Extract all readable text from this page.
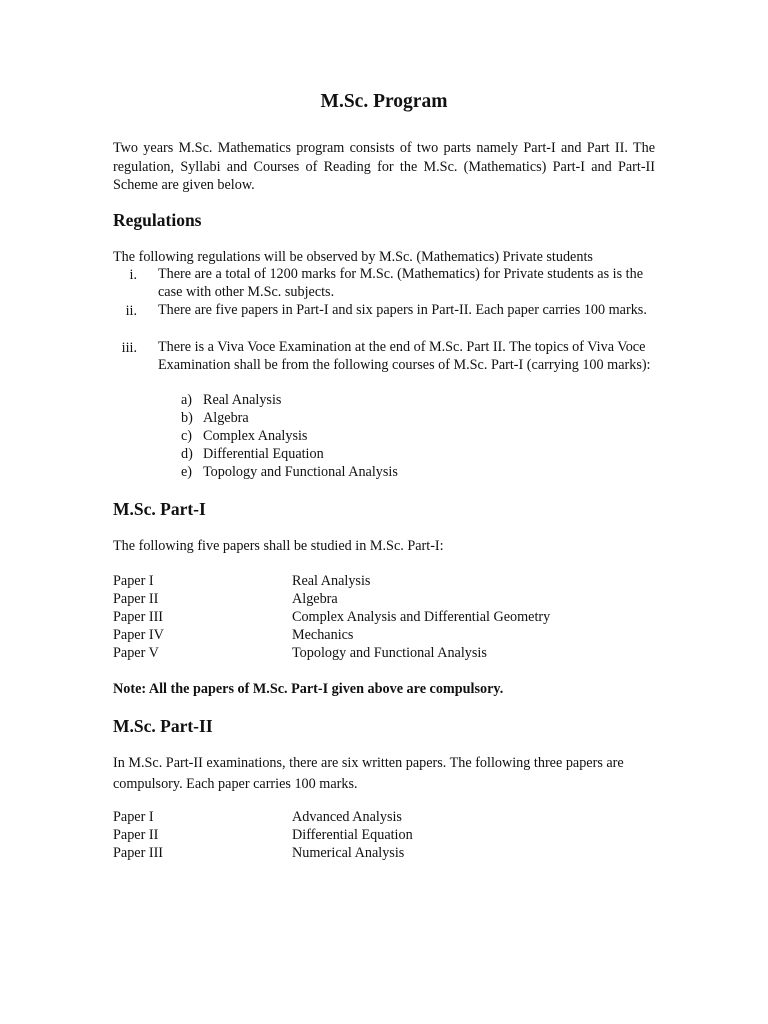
M.Sc. Program

Two years M.Sc. Mathematics program consists of two parts namely Part-I and Part II. The regulation, Syllabi and Courses of Reading for the M.Sc. (Mathematics) Part-I and Part-II Scheme are given below.

Regulations
The following regulations will be observed by M.Sc. (Mathematics) Private students
i. There are a total of 1200 marks for M.Sc. (Mathematics) for Private students as is the case with other M.Sc. subjects.

ii. There are five papers in Part-I and six papers in Part-II. Each paper carries 100 marks.

iii. There is a Viva Voce Examination at the end of M.Sc. Part II. The topics of Viva Voce Examination shall be from the following courses of M.Sc. Part-I (carrying 100 marks):

a) Real Analysis
b) Algebra
c) Complex Analysis
d) Differential Equation
e) Topology and Functional Analysis
M.Sc. Part-I
The following five papers shall be studied in M.Sc. Part-I:
Paper I	Real Analysis
Paper II	Algebra
Paper III	Complex Analysis and Differential Geometry
Paper IV	Mechanics
Paper V	Topology and Functional Analysis
Note: All the papers of M.Sc. Part-I given above are compulsory.
M.Sc. Part-II

In M.Sc. Part-II examinations, there are six written papers. The following three papers are compulsory. Each paper carries 100 marks.

Paper I	Advanced Analysis
Paper II	Differential Equation
Paper III	Numerical Analysis
